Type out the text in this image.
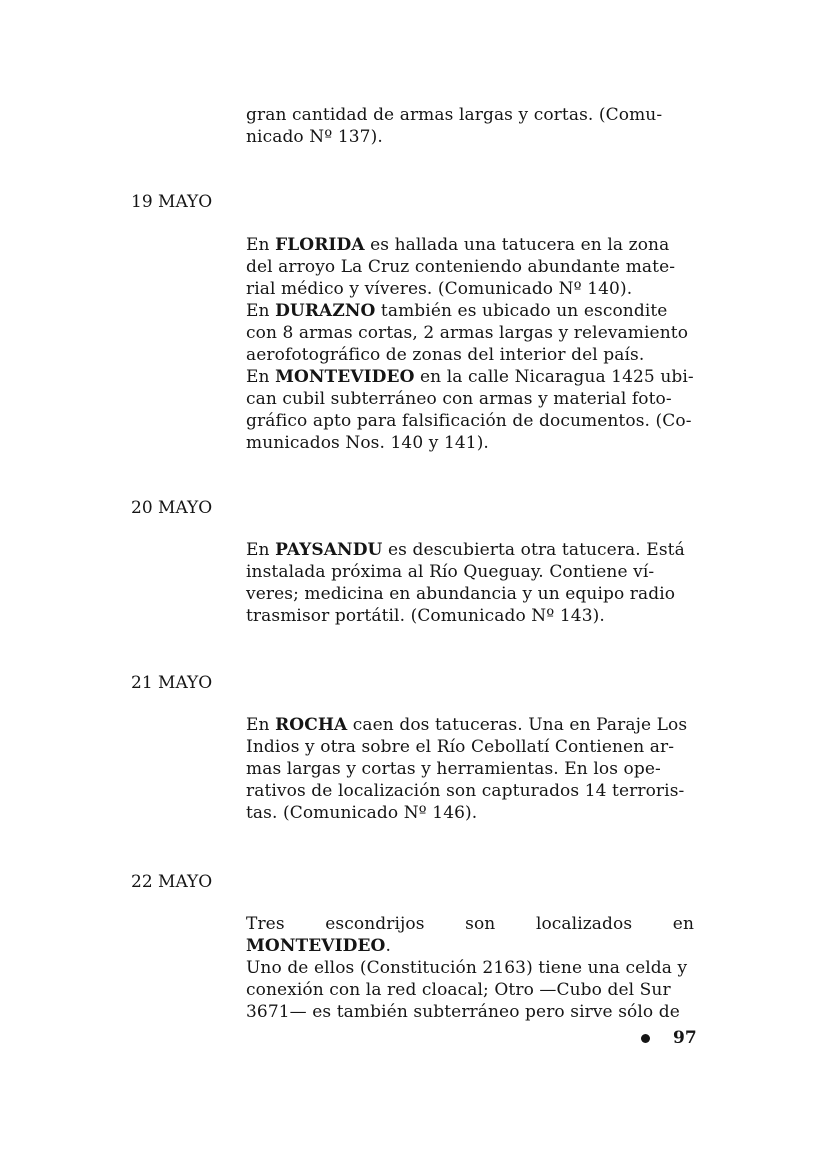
gran cantidad de armas largas y cortas. (Comu-
nicado Nº 137).

19 MAYO

En FLORIDA es hallada una tatucera en la zona
del arroyo La Cruz conteniendo abundante mate-
rial médico y víveres. (Comunicado Nº 140).
En DURAZNO también es ubicado un escondite
con 8 armas cortas, 2 armas largas y relevamiento
aerofotográfico de zonas del interior del país.
En MONTEVIDEO en la calle Nicaragua 1425 ubi-
can cubil subterráneo con armas y material foto-
gráfico apto para falsificación de documentos. (Co-
municados Nos. 140 y 141).

20 MAYO

En PAYSANDU es descubierta otra tatucera. Está
instalada próxima al Río Queguay. Contiene ví-
veres; medicina en abundancia y un equipo radio
trasmisor portátil. (Comunicado Nº 143).

21 MAYO

En ROCHA caen dos tatuceras. Una en Paraje Los
Indios y otra sobre el Río Cebollatí Contienen ar-
mas largas y cortas y herramientas. En los ope-
rativos de localización son capturados 14 terroris-
tas. (Comunicado Nº 146).

22 MAYO

Tres escondrijos son localizados en MONTEVIDEO.
Uno de ellos (Constitución 2163) tiene una celda y
conexión con la red cloacal; Otro —Cubo del Sur
3671— es también subterráneo pero sirve sólo de

97
